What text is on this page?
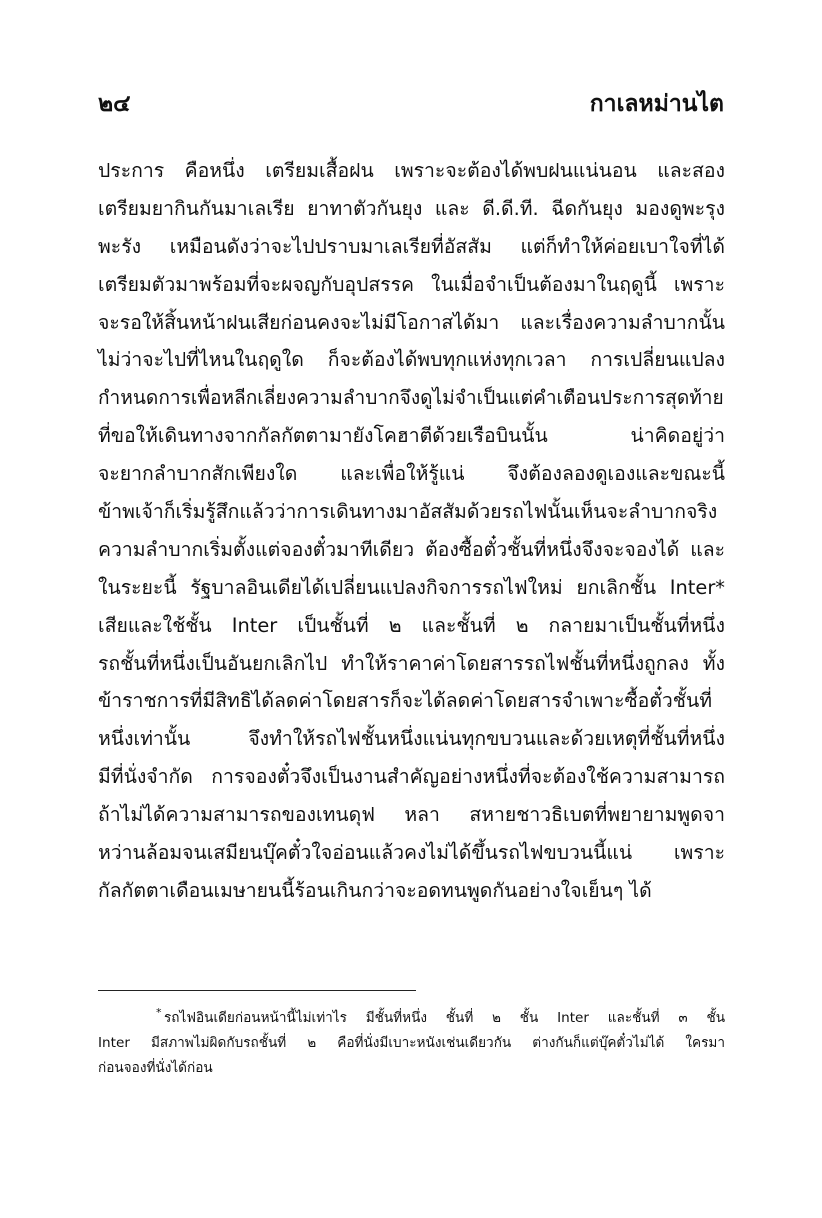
๒๔	กาเลหม่านไต
ประการ คือหนึ่ง เตรียมเสื้อฝน เพราะจะต้องได้พบฝนแน่นอน และสอง
เตรียมยากินกันมาเลเรีย ยาทาตัวกันยุง และ ดี.ดี.ที. ฉีดกันยุง มองดูพะรุง
พะรัง เหมือนดังว่าจะไปปราบมาเลเรียที่อัสสัม แต่ก็ทำให้ค่อยเบาใจที่ได้
เตรียมตัวมาพร้อมที่จะผจญกับอุปสรรค ในเมื่อจำเป็นต้องมาในฤดูนี้ เพราะ
จะรอให้สิ้นหน้าฝนเสียก่อนคงจะไม่มีโอกาสได้มา และเรื่องความลำบากนั้น
ไม่ว่าจะไปที่ไหนในฤดูใด ก็จะต้องได้พบทุกแห่งทุกเวลา การเปลี่ยนแปลง
กำหนดการเพื่อหลีกเลี่ยงความลำบากจึงดูไม่จำเป็นแต่คำเตือนประการสุดท้าย
ที่ขอให้เดินทางจากกัลกัตตามายังโคฮาตีด้วยเรือบินนั้น น่าคิดอยู่ว่า
จะยากลำบากสักเพียงใด และเพื่อให้รู้แน่ จึงต้องลองดูเองและขณะนี้
ข้าพเจ้าก็เริ่มรู้สึกแล้วว่าการเดินทางมาอัสสัมด้วยรถไฟนั้นเห็นจะลำบากจริง
ความลำบากเริ่มตั้งแต่จองตั๋วมาทีเดียว ต้องซื้อตั๋วชั้นที่หนึ่งจึงจะจองได้ และ
ในระยะนี้ รัฐบาลอินเดียได้เปลี่ยนแปลงกิจการรถไฟใหม่ ยกเลิกชั้น Inter*
เสียและใช้ชั้น Inter เป็นชั้นที่ ๒ และชั้นที่ ๒ กลายมาเป็นชั้นที่หนึ่ง
รถชั้นที่หนึ่งเป็นอันยกเลิกไป ทำให้ราคาค่าโดยสารรถไฟชั้นที่หนึ่งถูกลง ทั้ง
ข้าราชการที่มีสิทธิได้ลดค่าโดยสารก็จะได้ลดค่าโดยสารจำเพาะซื้อตั๋วชั้นที่
หนึ่งเท่านั้น จึงทำให้รถไฟชั้นหนึ่งแน่นทุกขบวนและด้วยเหตุที่ชั้นที่หนึ่ง
มีที่นั่งจำกัด การจองตั๋วจึงเป็นงานสำคัญอย่างหนึ่งที่จะต้องใช้ความสามารถ
ถ้าไม่ได้ความสามารถของเทนดุฟ หลา สหายชาวธิเบตที่พยายามพูดจา
หว่านล้อมจนเสมียนบุ๊คตั๋วใจอ่อนแล้วคงไม่ได้ขึ้นรถไฟขบวนนี้แน่ เพราะ
กัลกัตตาเดือนเมษายนนี้ร้อนเกินกว่าจะอดทนพูดกันอย่างใจเย็นๆ ได้
* รถไฟอินเดียก่อนหน้านี้ไม่เท่าไร มีชั้นที่หนึ่ง ชั้นที่ ๒ ชั้น Inter และชั้นที่ ๓ ชั้น
Inter มีสภาพไม่ผิดกับรถชั้นที่ ๒ คือที่นั่งมีเบาะหนังเช่นเดียวกัน ต่างกันก็แต่บุ๊คตั๋วไม่ได้ ใครมา
ก่อนจองที่นั่งได้ก่อน
